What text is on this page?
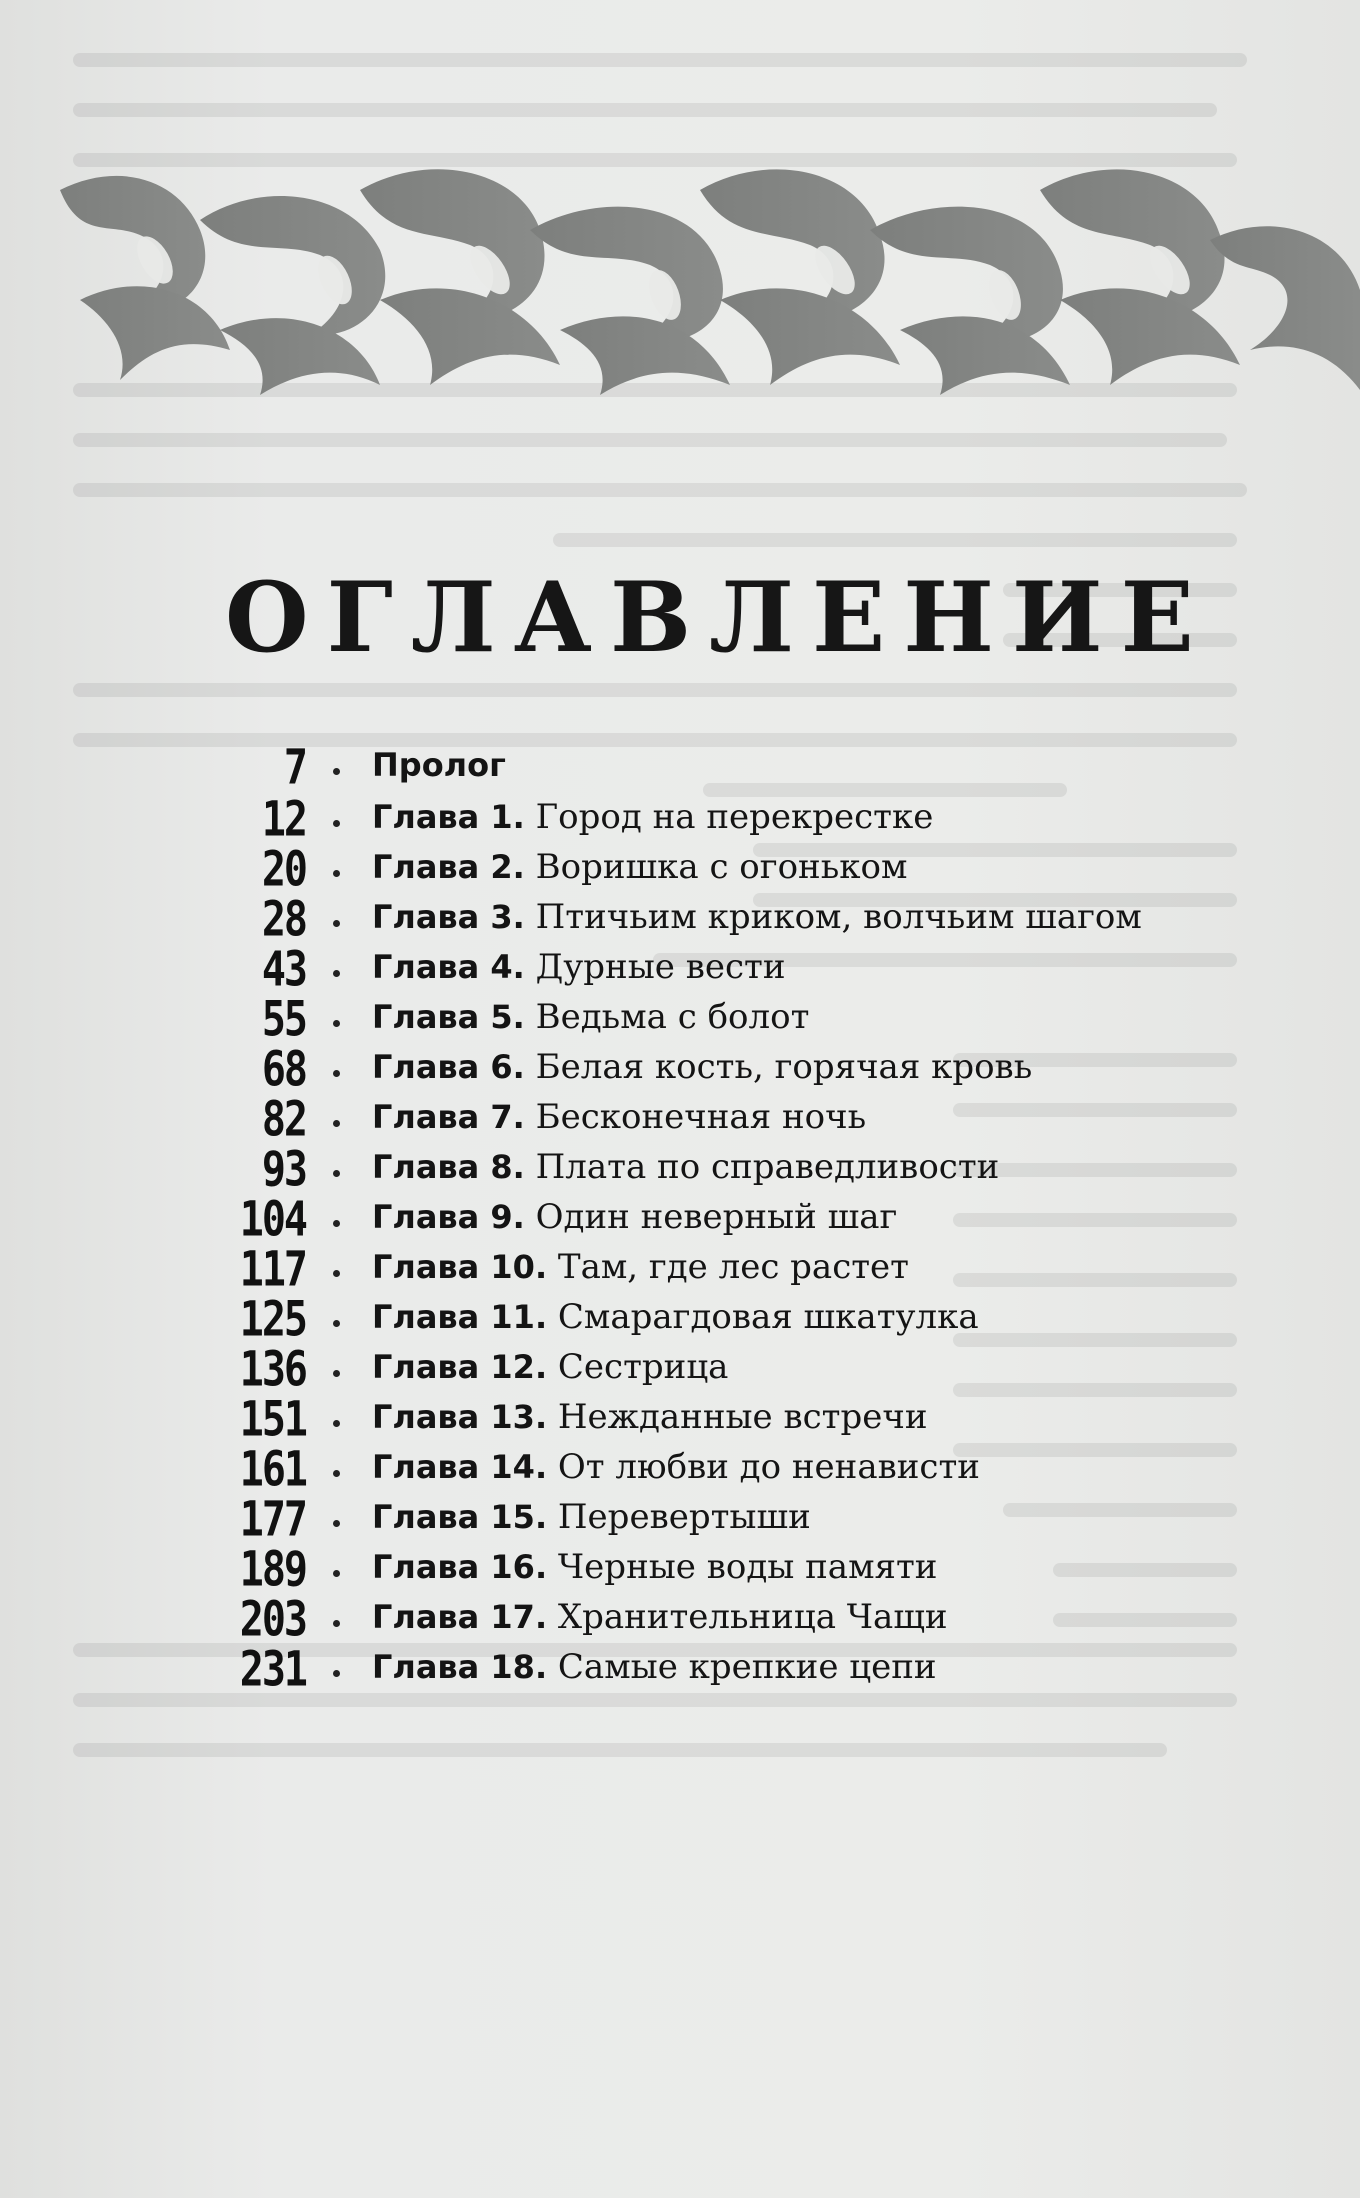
ОГЛАВЛЕНИЕ
7 Пролог
12 Глава 1. Город на перекрестке
20 Глава 2. Воришка с огоньком
28 Глава 3. Птичьим криком, волчьим шагом
43 Глава 4. Дурные вести
55 Глава 5. Ведьма с болот
68 Глава 6. Белая кость, горячая кровь
82 Глава 7. Бесконечная ночь
93 Глава 8. Плата по справедливости
104 Глава 9. Один неверный шаг
117 Глава 10. Там, где лес растет
125 Глава 11. Смарагдовая шкатулка
136 Глава 12. Сестрица
151 Глава 13. Нежданные встречи
161 Глава 14. От любви до ненависти
177 Глава 15. Перевертыши
189 Глава 16. Черные воды памяти
203 Глава 17. Хранительница Чащи
231 Глава 18. Самые крепкие цепи
